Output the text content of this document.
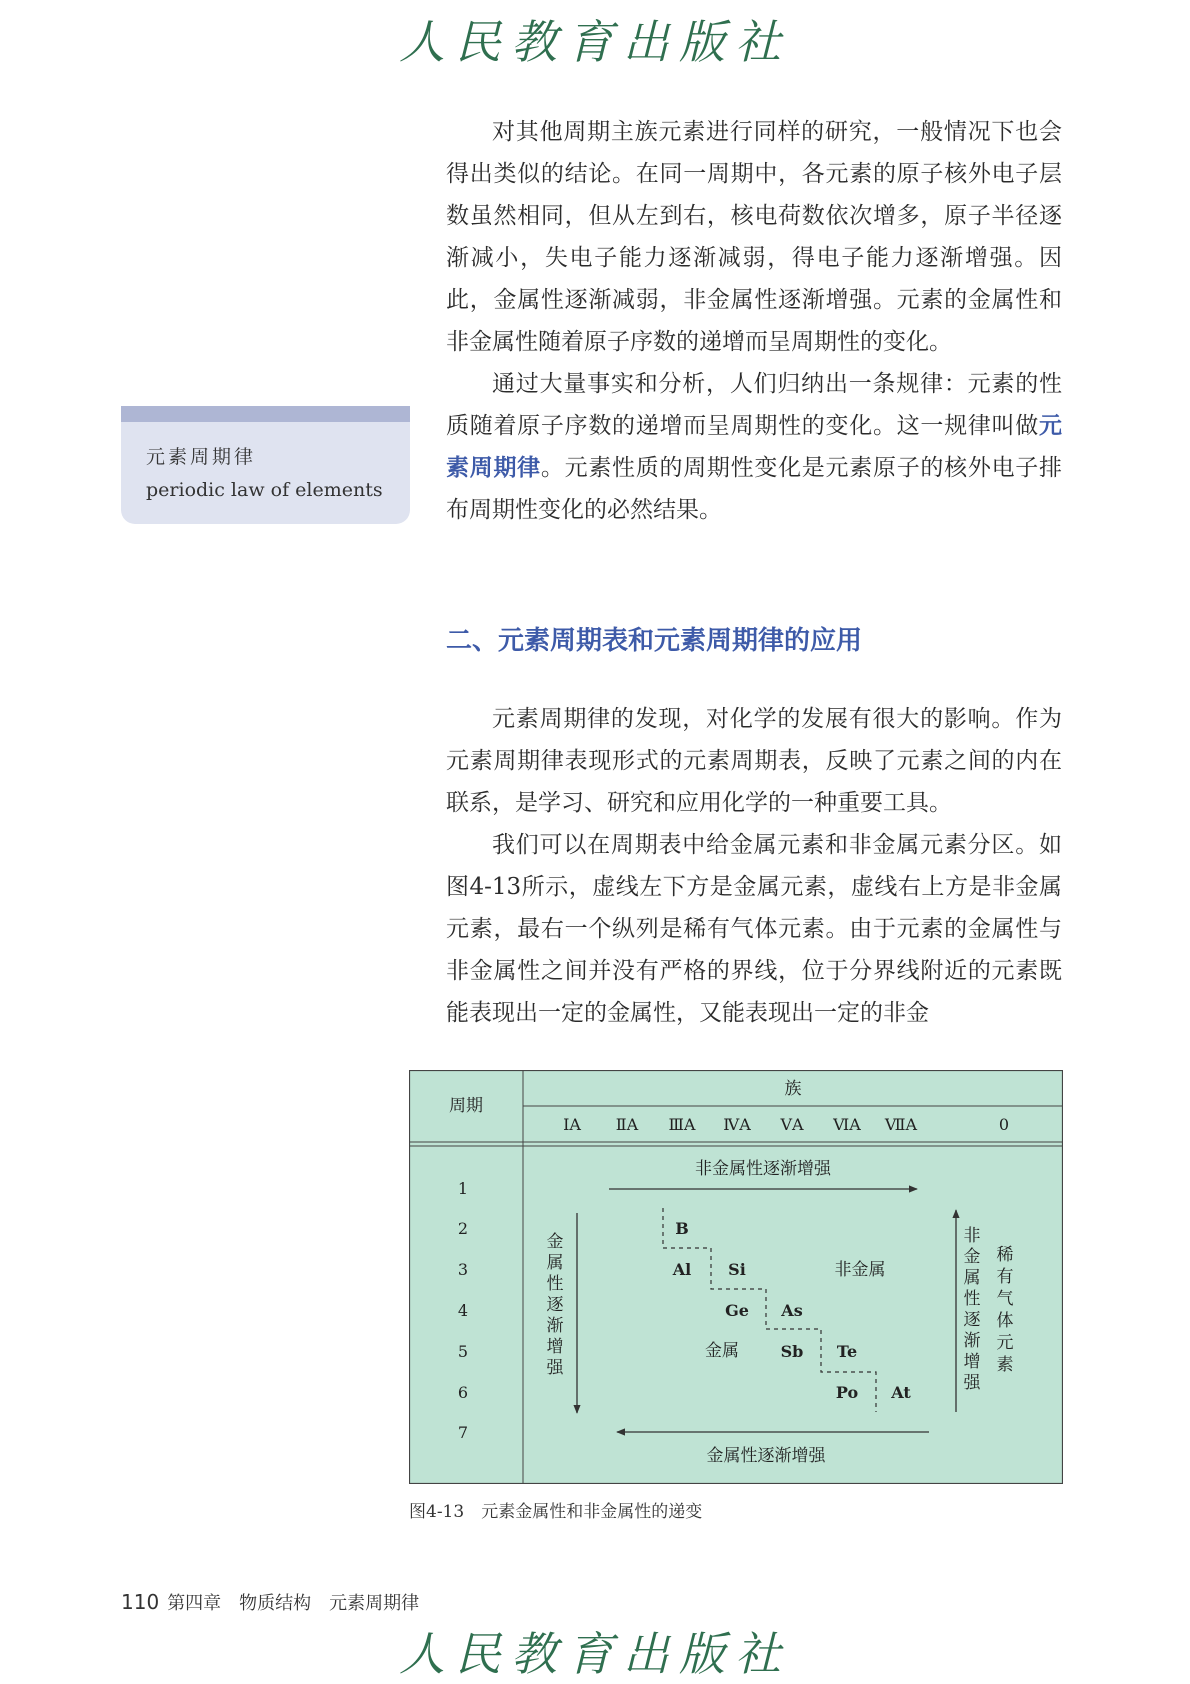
人民教育出版社

对其他周期主族元素进行同样的研究，一般情况下也会得出类似的结论。在同一周期中，各元素的原子核外电子层数虽然相同，但从左到右，核电荷数依次增多，原子半径逐渐减小，失电子能力逐渐减弱，得电子能力逐渐增强。因此，金属性逐渐减弱，非金属性逐渐增强。元素的金属性和非金属性随着原子序数的递增而呈周期性的变化。

通过大量事实和分析，人们归纳出一条规律：元素的性质随着原子序数的递增而呈周期性的变化。这一规律叫做元素周期律。元素性质的周期性变化是元素原子的核外电子排布周期性变化的必然结果。

元素周期律
periodic law of elements
二、元素周期表和元素周期律的应用

元素周期律的发现，对化学的发展有很大的影响。作为元素周期律表现形式的元素周期表，反映了元素之间的内在联系，是学习、研究和应用化学的一种重要工具。

我们可以在周期表中给金属元素和非金属元素分区。如图4-13所示，虚线左下方是金属元素，虚线右上方是非金属元素，最右一个纵列是稀有气体元素。由于元素的金属性与非金属性之间并没有严格的界线，位于分界线附近的元素既能表现出一定的金属性，又能表现出一定的非金

周期
族
ⅠA ⅡA ⅢA ⅣA ⅤA ⅥA ⅦA	0
1
2
3
4
5
6
7
B
Al Si
Ge As
Sb Te
Po At
非金属性逐渐增强
金属性逐渐增强
金
属
性
逐
渐
增
强
非
金
属
性
逐
渐
增
强
稀
有
气
体
元
素
非金属
金属
图4-13　元素金属性和非金属性的递变
110 第四章　物质结构　元素周期律
人民教育出版社
